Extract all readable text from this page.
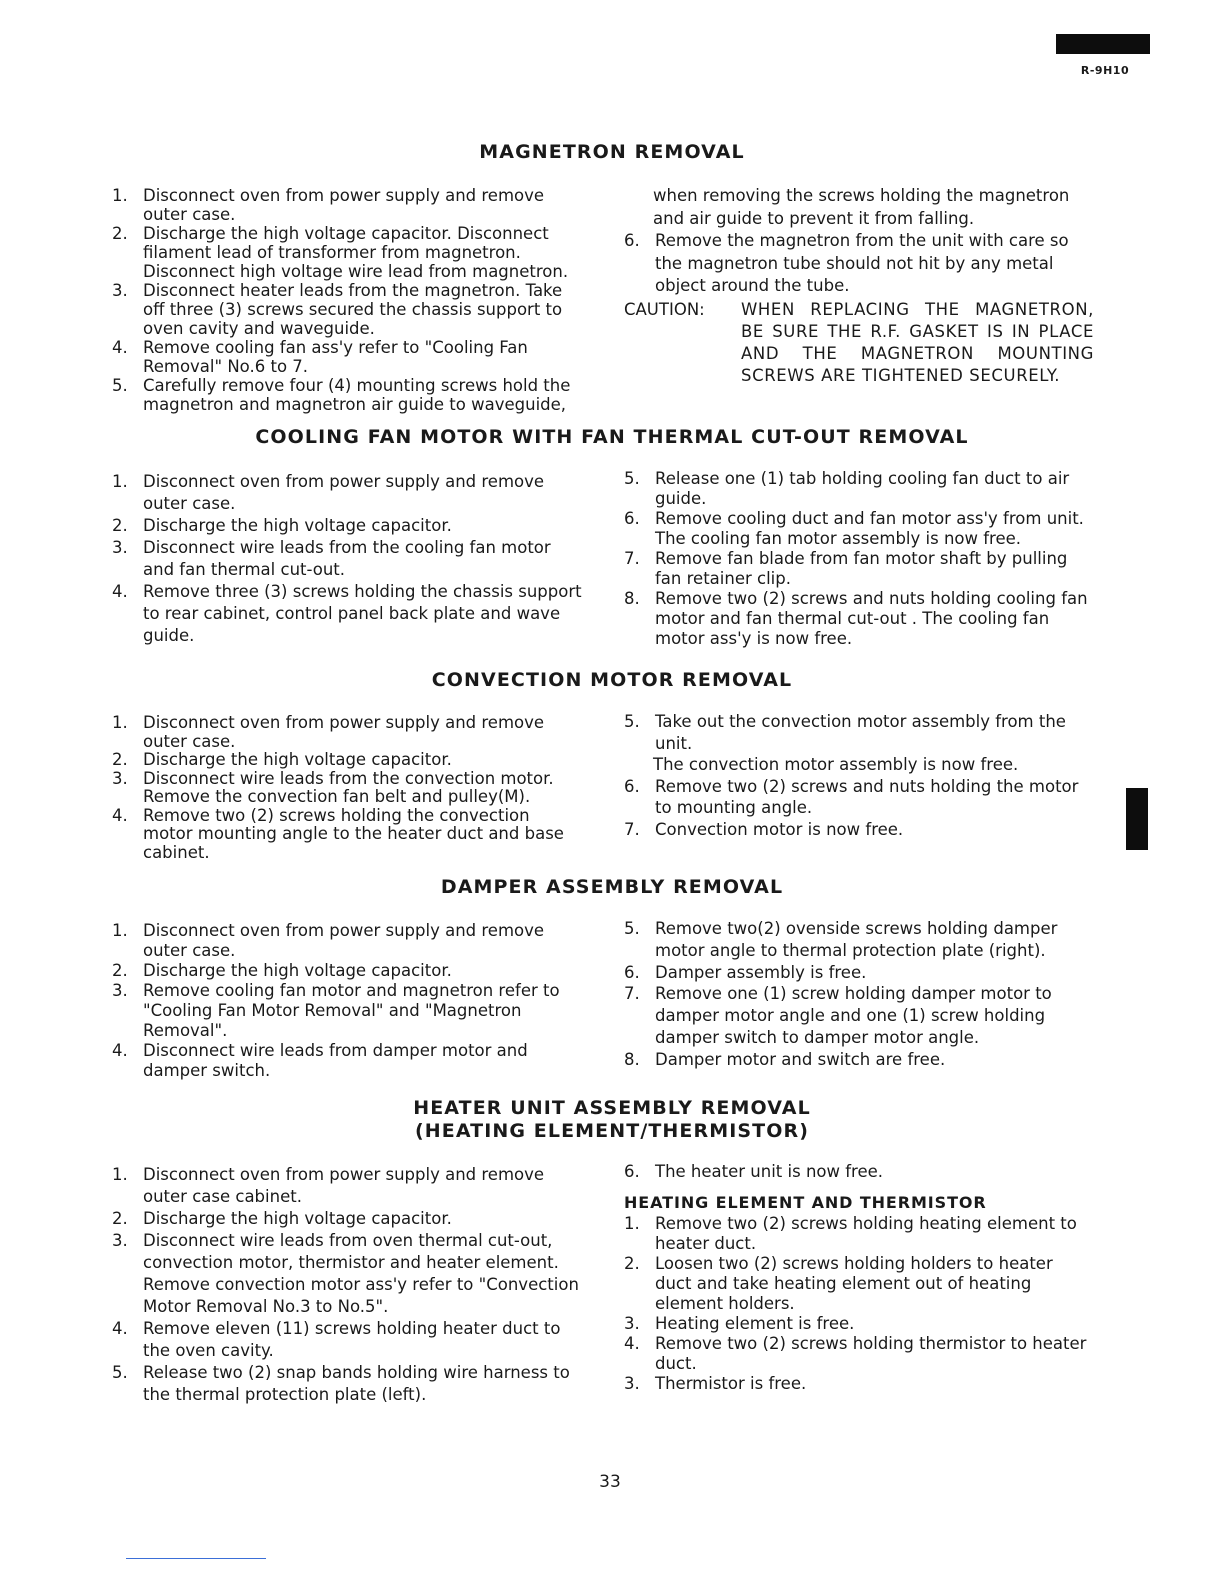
R-9H10
MAGNETRON REMOVAL
1. Disconnect oven from power supply and remove outer case.
2. Discharge the high voltage capacitor. Disconnect filament lead of transformer from magnetron. Disconnect high voltage wire lead from magnetron.
3. Disconnect heater leads from the magnetron. Take off three (3) screws secured the chassis support to oven cavity and waveguide.
4. Remove cooling fan ass'y refer to "Cooling Fan Removal" No.6 to 7.
5. Carefully remove four (4) mounting screws hold the magnetron and magnetron air guide to waveguide,
when removing the screws holding the magnetron and air guide to prevent it from falling.
6. Remove the magnetron from the unit with care so the magnetron tube should not hit by any metal object around the tube.
CAUTION:	WHEN REPLACING THE MAGNETRON, BE SURE THE R.F. GASKET IS IN PLACE AND THE MAGNETRON MOUNTING SCREWS ARE TIGHTENED SECURELY.
COOLING FAN MOTOR WITH FAN THERMAL CUT-OUT REMOVAL
1. Disconnect oven from power supply and remove outer case.
2. Discharge the high voltage capacitor.
3. Disconnect wire leads from the cooling fan motor and fan thermal cut-out.
4. Remove three (3) screws holding the chassis support to rear cabinet, control panel back plate and wave guide.
5. Release one (1) tab holding cooling fan duct to air guide.
6. Remove cooling duct and fan motor ass'y from unit. The cooling fan motor assembly is now free.
7. Remove fan blade from fan motor shaft by pulling fan retainer clip.
8. Remove two (2) screws and nuts holding cooling fan motor and fan thermal cut-out . The cooling fan motor ass'y is now free.
CONVECTION MOTOR REMOVAL
1. Disconnect oven from power supply and remove outer case.
2. Discharge the high voltage capacitor.
3. Disconnect wire leads from the convection motor. Remove the convection fan belt and pulley(M).
4. Remove two (2) screws holding the convection motor mounting angle to the heater duct and base cabinet.
5. Take out the convection motor assembly from the unit.
The convection motor assembly is now free.
6. Remove two (2) screws and nuts holding the motor to mounting angle.
7. Convection motor is now free.
DAMPER ASSEMBLY REMOVAL
1. Disconnect oven from power supply and remove outer case.
2. Discharge the high voltage capacitor.
3. Remove cooling fan motor and magnetron refer to "Cooling Fan Motor Removal" and "Magnetron Removal".
4. Disconnect wire leads from damper motor and damper switch.
5. Remove two(2) ovenside screws holding damper motor angle to thermal protection plate (right).
6. Damper assembly is free.
7. Remove one (1) screw holding damper motor to damper motor angle and one (1) screw holding damper switch to damper motor angle.
8. Damper motor and switch are free.
HEATER UNIT ASSEMBLY REMOVAL
(HEATING ELEMENT/THERMISTOR)
1. Disconnect oven from power supply and remove outer case cabinet.
2. Discharge the high voltage capacitor.
3. Disconnect wire leads from oven thermal cut-out, convection motor, thermistor and heater element. Remove convection motor ass'y refer to "Convection Motor Removal No.3 to No.5".
4. Remove eleven (11) screws holding heater duct to the oven cavity.
5. Release two (2) snap bands holding wire harness to the thermal protection plate (left).
6. The heater unit is now free.
HEATING ELEMENT AND THERMISTOR
1. Remove two (2) screws holding heating element to heater duct.
2. Loosen two (2) screws holding holders to heater duct and take heating element out of heating element holders.
3. Heating element is free.
4. Remove two (2) screws holding thermistor to heater duct.
3. Thermistor is free.
33
